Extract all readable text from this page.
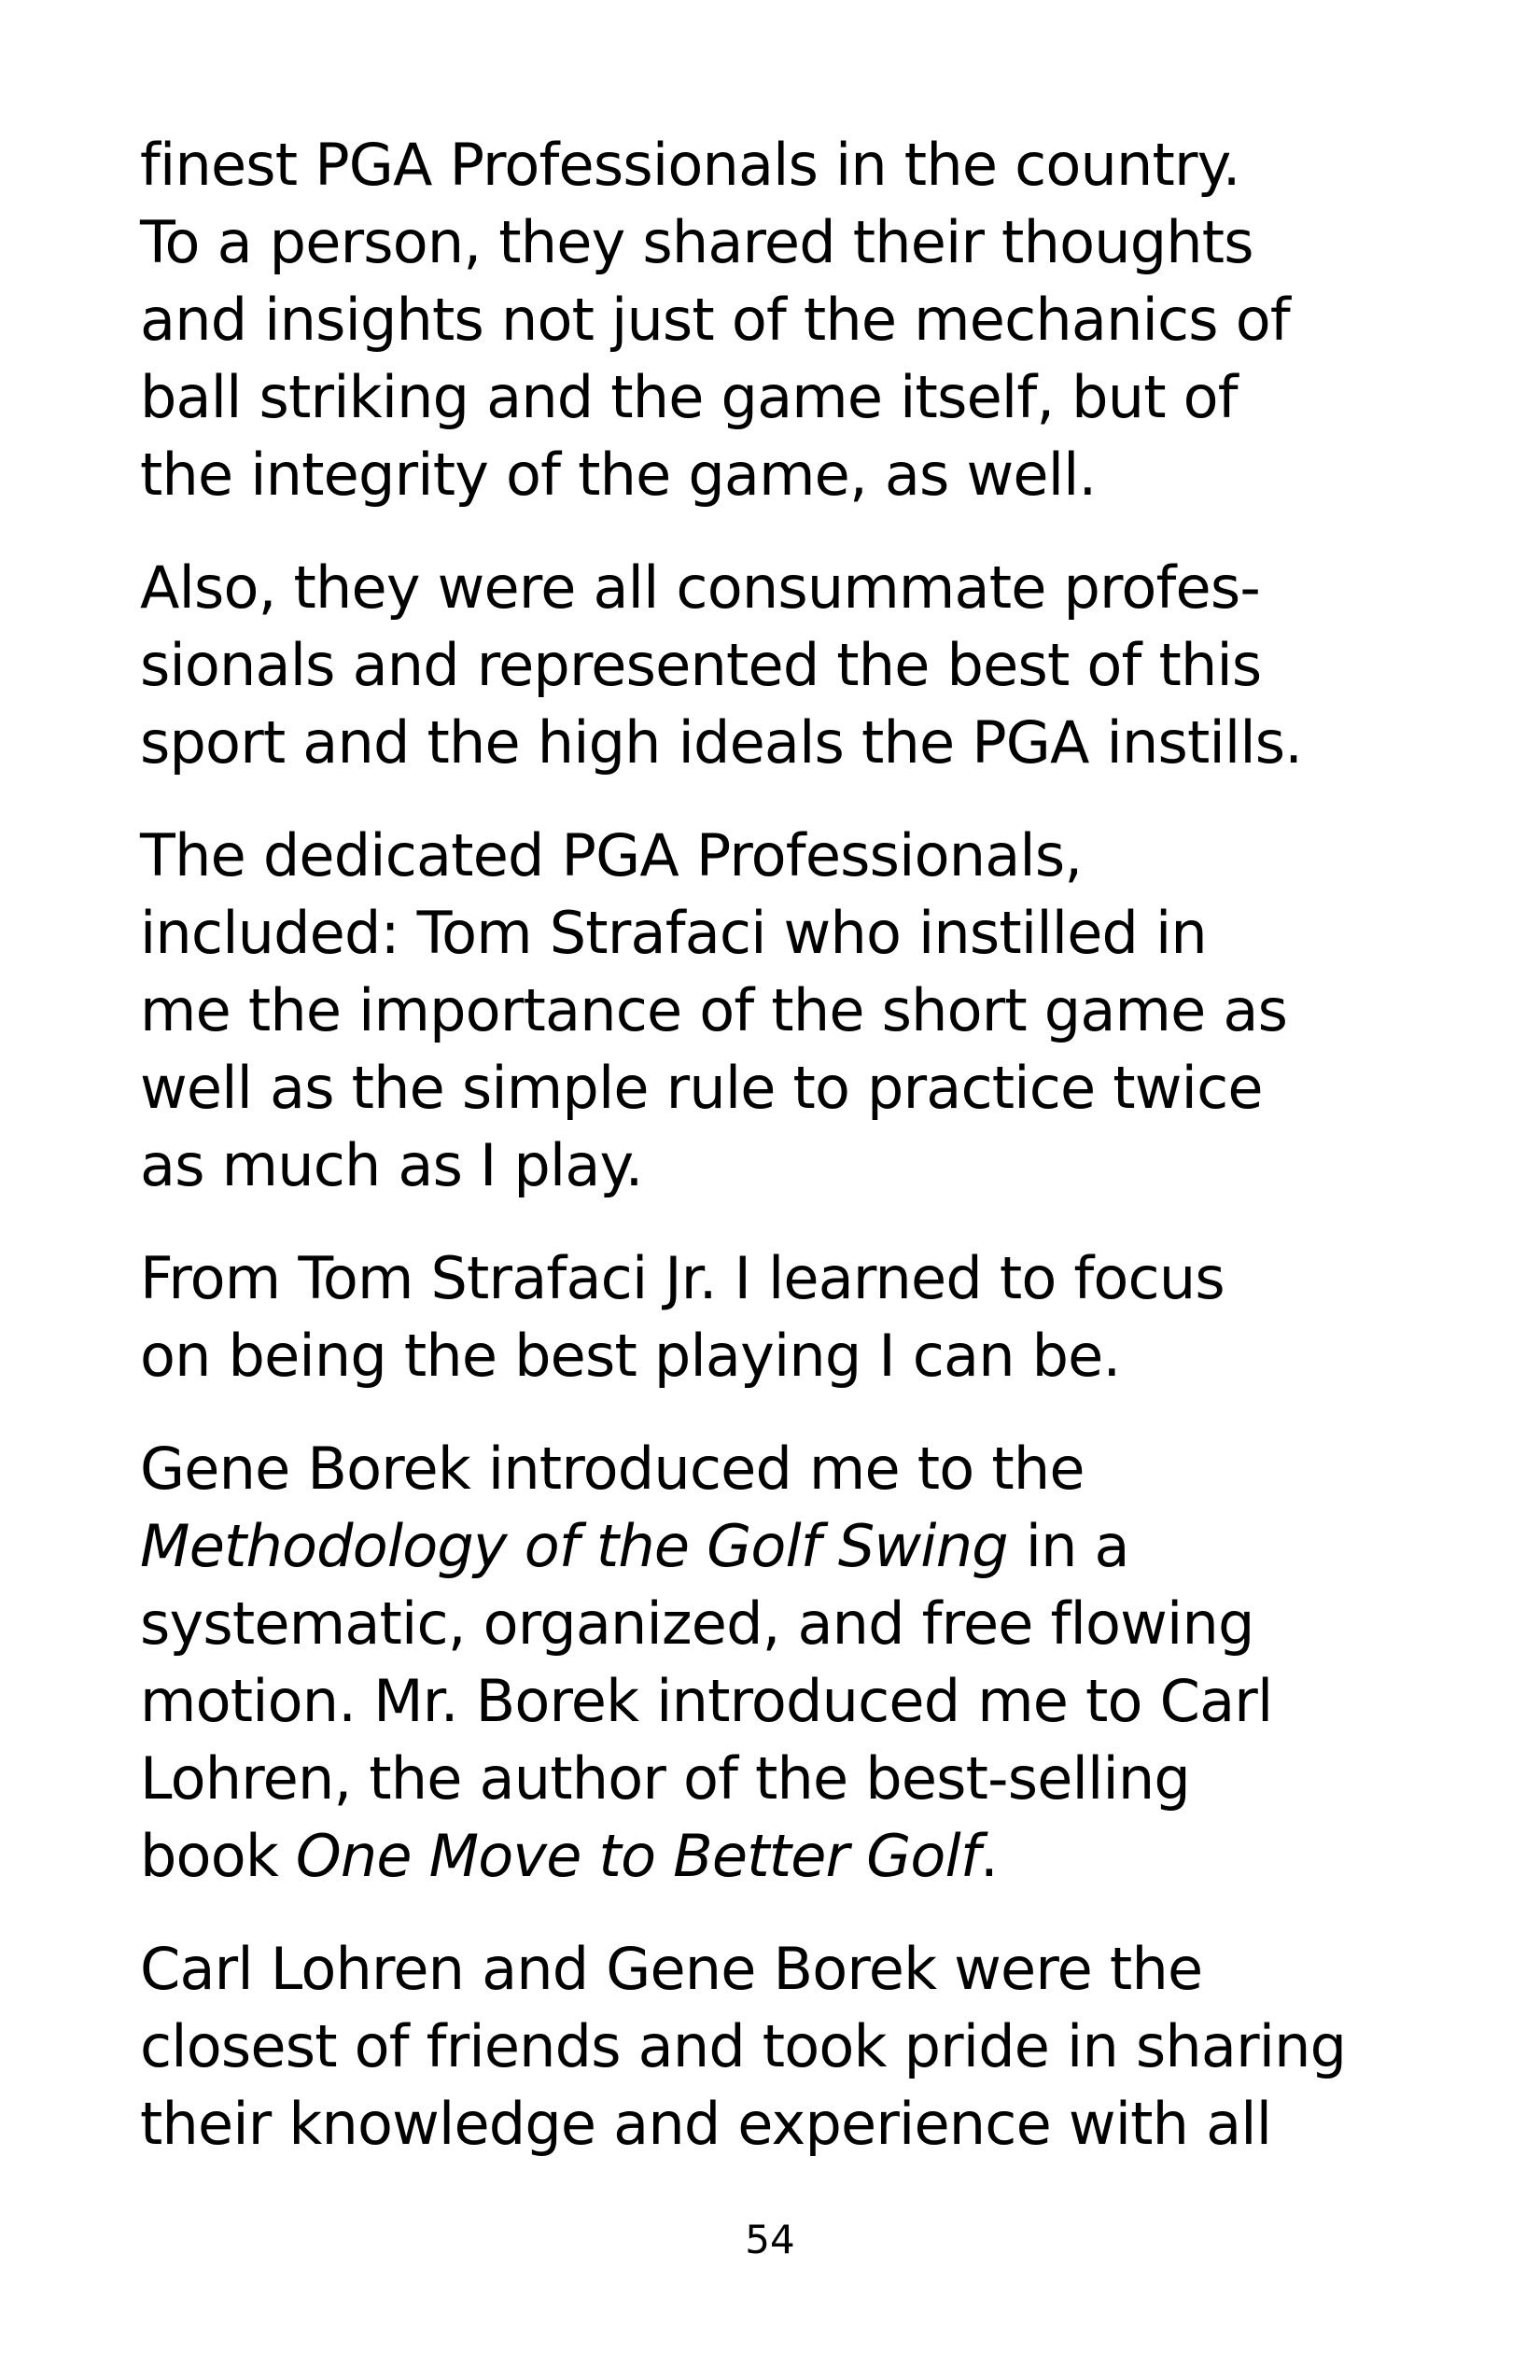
finest PGA Professionals in the country.
To a person, they shared their thoughts
and insights not just of the mechanics of
ball striking and the game itself, but of
the integrity of the game, as well.

Also, they were all consummate profes-
sionals and represented the best of this
sport and the high ideals the PGA instills.

The dedicated PGA Professionals,
included: Tom Strafaci who instilled in
me the importance of the short game as
well as the simple rule to practice twice
as much as I play.

From Tom Strafaci Jr. I learned to focus
on being the best playing I can be.

Gene Borek introduced me to the
Methodology of the Golf Swing in a
systematic, organized, and free flowing
motion. Mr. Borek introduced me to Carl
Lohren, the author of the best-selling
book One Move to Better Golf.

Carl Lohren and Gene Borek were the
closest of friends and took pride in sharing
their knowledge and experience with all

54
